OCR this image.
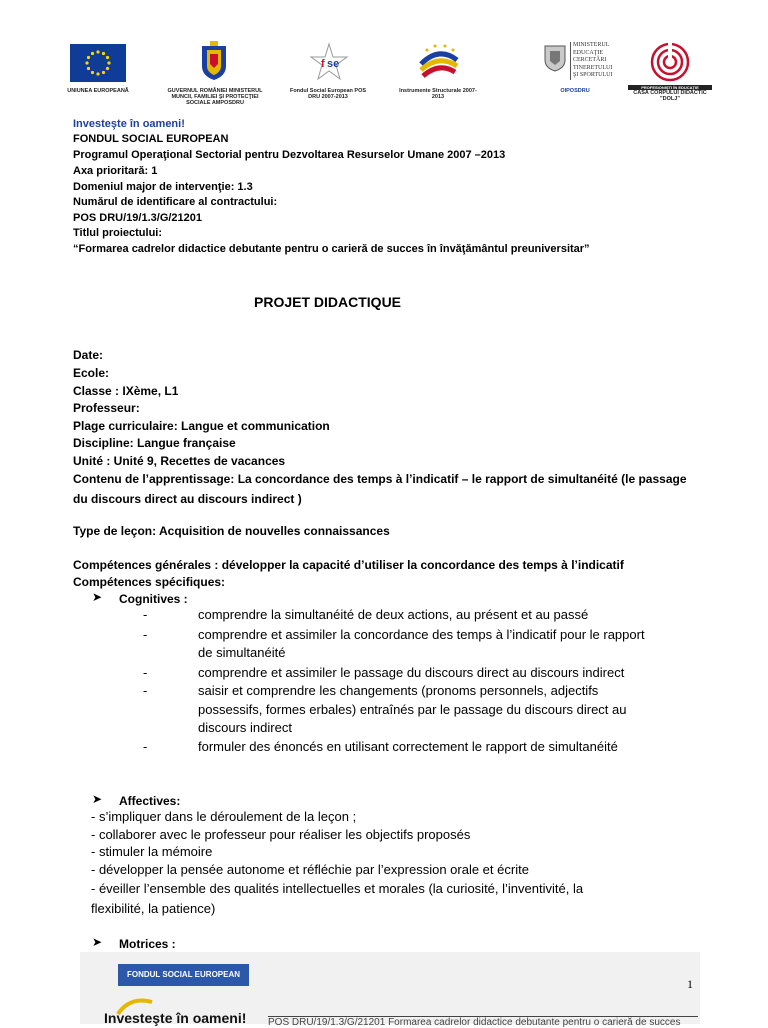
UNIUNEA EUROPEANĂ	GUVERNUL ROMÂNIEI MINISTERUL MUNCII, FAMILIEI ŞI PROTECŢIEI SOCIALE AMPOSDRU
f se
Fondul Social European POS DRU 2007-2013
Instrumente Structurale 2007-2013
MINISTERUL EDUCAŢIE CERCETĂRI TINERETULUI ŞI SPORTULUI
OIPOSDRU
PROFESIONIŞTI ÎN EDUCAŢIE
CASA CORPULUI DIDACTIC "DOLJ"
Investeşte în oameni!
FONDUL SOCIAL EUROPEAN
Programul Operaţional Sectorial pentru Dezvoltarea Resurselor Umane 2007 –2013
Axa prioritară: 1
Domeniul major de intervenţie: 1.3
Numărul de identificare al contractului:
POS DRU/19/1.3/G/21201
Titlul proiectului:
“Formarea cadrelor didactice debutante pentru o carieră de succes în învăţământul preuniversitar”
PROJET DIDACTIQUE
Date:
Ecole:
Classe : IXème, L1
Professeur:
Plage curriculaire: Langue et communication
Discipline: Langue française
Unité : Unité 9, Recettes de vacances
Contenu de l’apprentissage: La concordance des temps à l’indicatif – le rapport de simultanéité (le passage
du discours direct au discours indirect )
Type de leçon: Acquisition de nouvelles connaissances
Compétences générales : développer la capacité d’utiliser la concordance des temps à l’indicatif
Compétences spécifiques:
➤ Cognitives :
-	comprendre la simultanéité de deux actions, au présent et au passé
-	comprendre et assimiler la concordance des temps à l’indicatif pour le rapport
de simultanéité
-	comprendre et assimiler le passage du discours direct au discours indirect
-	saisir et comprendre les changements (pronoms personnels, adjectifs
possessifs, formes erbales) entraînés par le passage du discours direct au
discours indirect
-	formuler des énoncés en utilisant correctement le rapport de simultanéité
➤ Affectives:
- s’impliquer dans le déroulement de la leçon ;
- collaborer avec le professeur pour réaliser les objectifs proposés
- stimuler la mémoire
- développer la pensée autonome et réfléchie par l’expression orale et écrite
- éveiller l’ensemble des qualités intellectuelles et morales (la curiosité, l’inventivité, la
flexibilité, la patience)
➤ Motrices :
FONDUL SOCIAL EUROPEAN
1
Investeşte în oameni! POS DRU/19/1.3/G/21201 Formarea cadrelor didactice debutante pentru o carieră de succes
